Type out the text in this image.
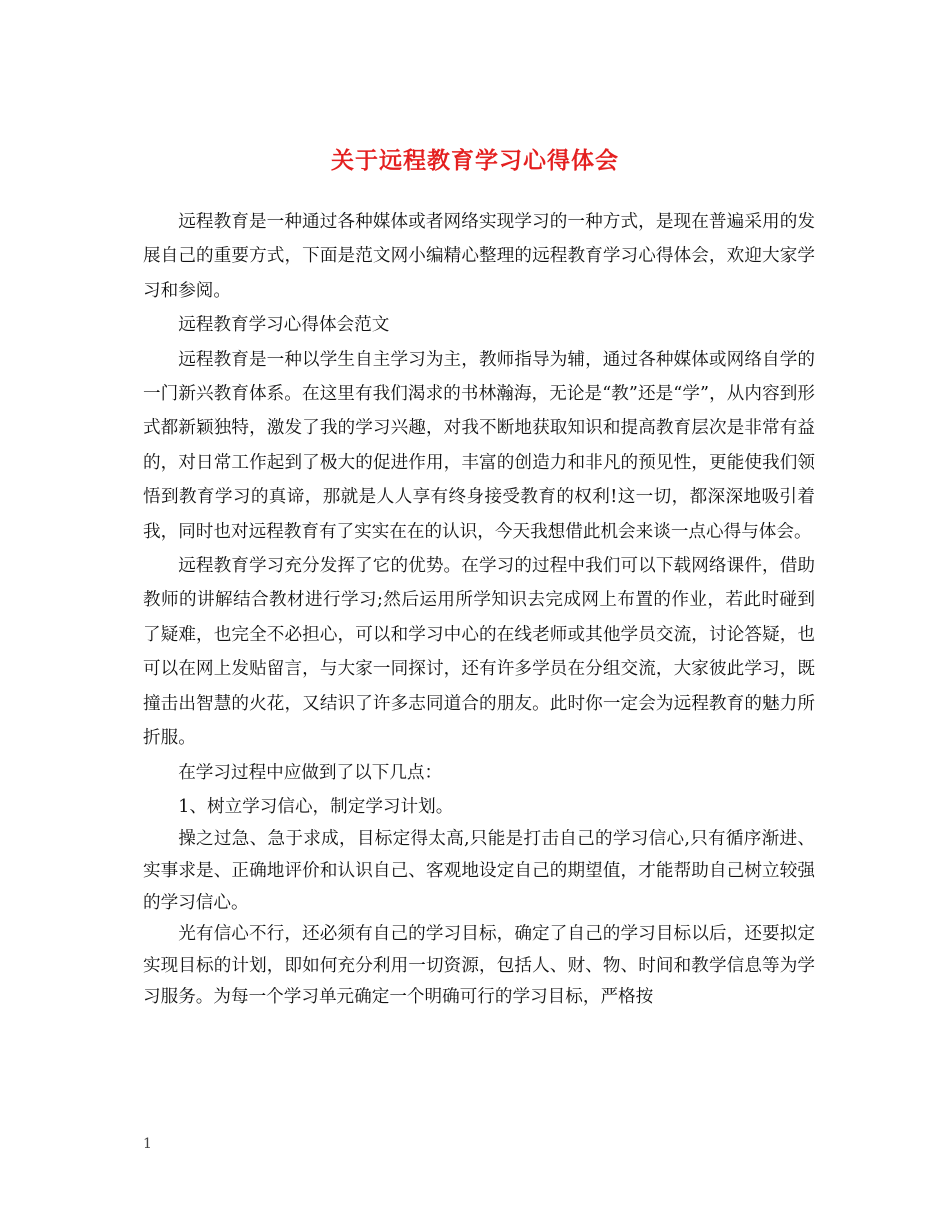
关于远程教育学习心得体会

远程教育是一种通过各种媒体或者网络实现学习的一种方式，是现在普遍采用的发展自己的重要方式，下面是范文网小编精心整理的远程教育学习心得体会，欢迎大家学习和参阅。

远程教育学习心得体会范文

远程教育是一种以学生自主学习为主，教师指导为辅，通过各种媒体或网络自学的一门新兴教育体系。在这里有我们渴求的书林瀚海，无论是“教”还是“学”，从内容到形式都新颖独特，激发了我的学习兴趣，对我不断地获取知识和提高教育层次是非常有益的，对日常工作起到了极大的促进作用，丰富的创造力和非凡的预见性，更能使我们领悟到教育学习的真谛，那就是人人享有终身接受教育的权利!这一切，都深深地吸引着我，同时也对远程教育有了实实在在的认识，今天我想借此机会来谈一点心得与体会。

远程教育学习充分发挥了它的优势。在学习的过程中我们可以下载网络课件，借助教师的讲解结合教材进行学习;然后运用所学知识去完成网上布置的作业，若此时碰到了疑难，也完全不必担心，可以和学习中心的在线老师或其他学员交流，讨论答疑，也可以在网上发贴留言，与大家一同探讨，还有许多学员在分组交流，大家彼此学习，既撞击出智慧的火花，又结识了许多志同道合的朋友。此时你一定会为远程教育的魅力所折服。

在学习过程中应做到了以下几点：

1、树立学习信心，制定学习计划。

操之过急、急于求成，目标定得太高,只能是打击自己的学习信心,只有循序渐进、实事求是、正确地评价和认识自己、客观地设定自己的期望值，才能帮助自己树立较强的学习信心。

光有信心不行，还必须有自己的学习目标，确定了自己的学习目标以后，还要拟定实现目标的计划，即如何充分利用一切资源，包括人、财、物、时间和教学信息等为学习服务。为每一个学习单元确定一个明确可行的学习目标，严格按

1
